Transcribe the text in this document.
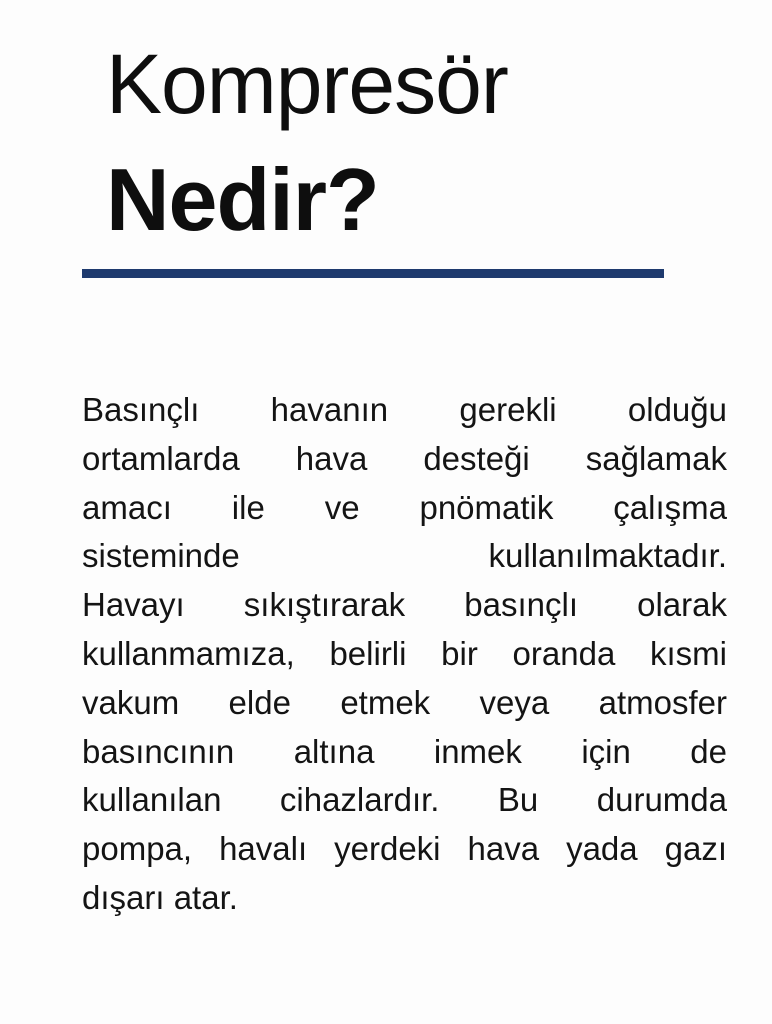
Kompresör
Nedir?
Basınçlı havanın gerekli olduğu
ortamlarda hava desteği sağlamak
amacı ile ve pnömatik çalışma
sisteminde kullanılmaktadır.
Havayı sıkıştırarak basınçlı olarak
kullanmamıza, belirli bir oranda kısmi
vakum elde etmek veya atmosfer
basıncının altına inmek için de
kullanılan cihazlardır. Bu durumda
pompa, havalı yerdeki hava yada gazı
dışarı atar.
